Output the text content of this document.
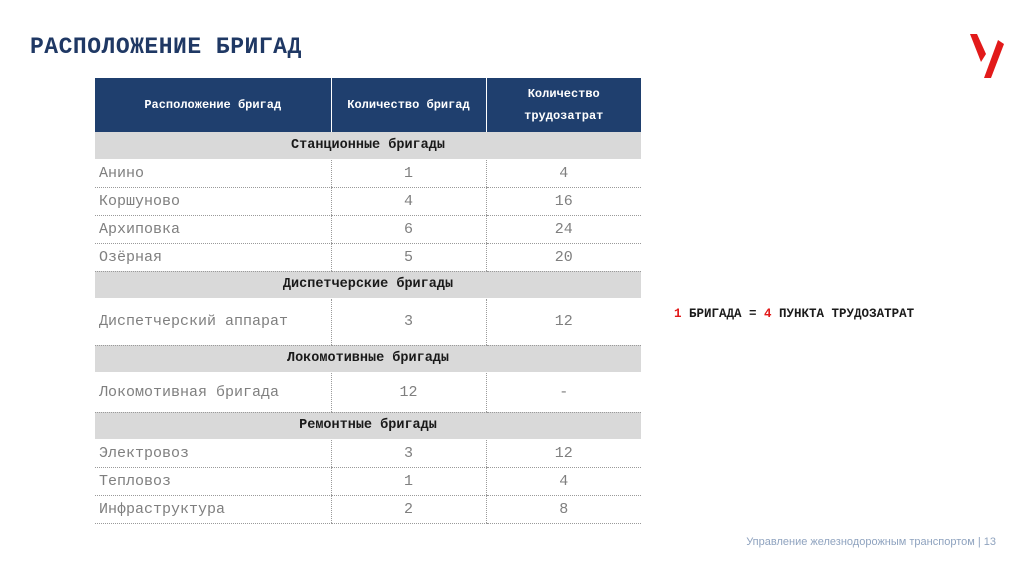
РАСПОЛОЖЕНИЕ БРИГАД
Расположение бригад	Количество бригад	Количество трудозатрат
Станционные бригады		
Анино	1	4
Коршуново	4	16
Архиповка	6	24
Озёрная	5	20
Диспетчерские бригады		
Диспетчерский аппарат	3	12
Локомотивные бригады		
Локомотивная бригада	12	-
Ремонтные бригады		
Электровоз	3	12
Тепловоз	1	4
Инфраструктура	2	8
1 БРИГАДА = 4 ПУНКТА ТРУДОЗАТРАТ
Управление железнодорожным транспортом | 13
